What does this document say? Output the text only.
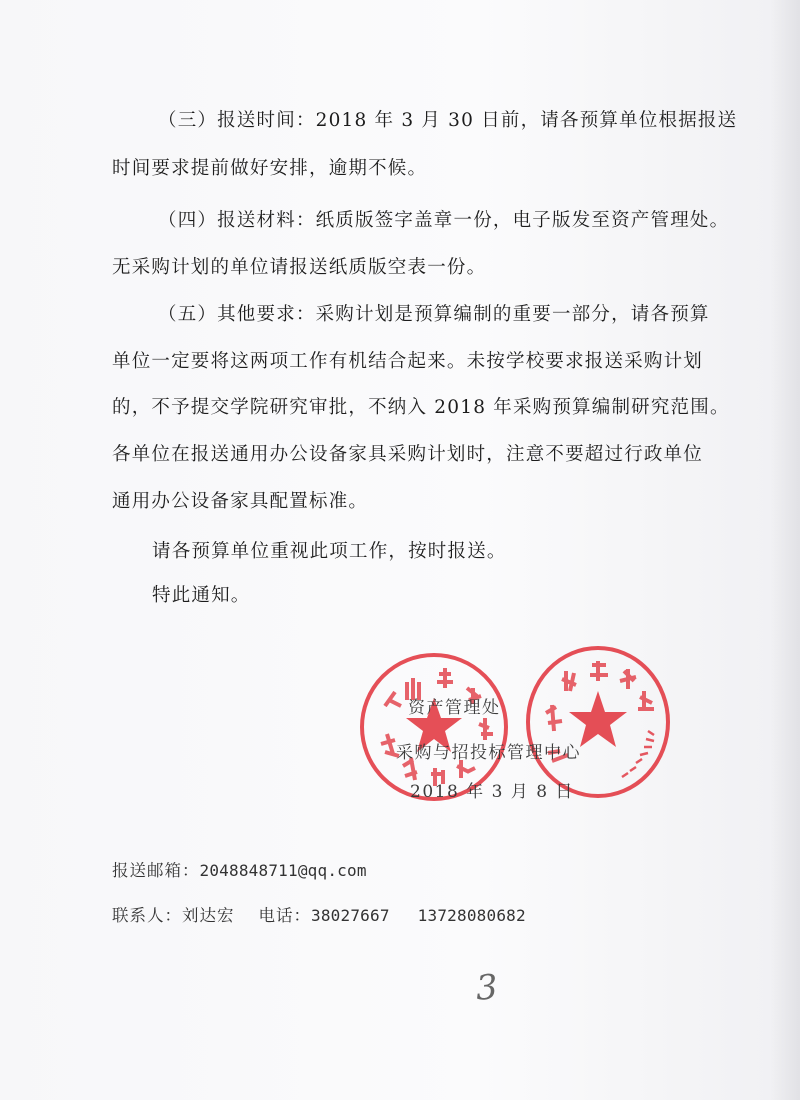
（三）报送时间：2018 年 3 月 30 日前，请各预算单位根据报送
时间要求提前做好安排，逾期不候。
（四）报送材料：纸质版签字盖章一份，电子版发至资产管理处。
无采购计划的单位请报送纸质版空表一份。
（五）其他要求：采购计划是预算编制的重要一部分，请各预算
单位一定要将这两项工作有机结合起来。未按学校要求报送采购计划
的，不予提交学院研究审批，不纳入 2018 年采购预算编制研究范围。
各单位在报送通用办公设备家具采购计划时，注意不要超过行政单位
通用办公设备家具配置标准。
请各预算单位重视此项工作，按时报送。
特此通知。
资产管理处
采购与招投标管理中心
2018 年 3 月 8 日
报送邮箱：2048848711@qq.com
联系人：刘达宏 电话：38027667 13728080682
3
